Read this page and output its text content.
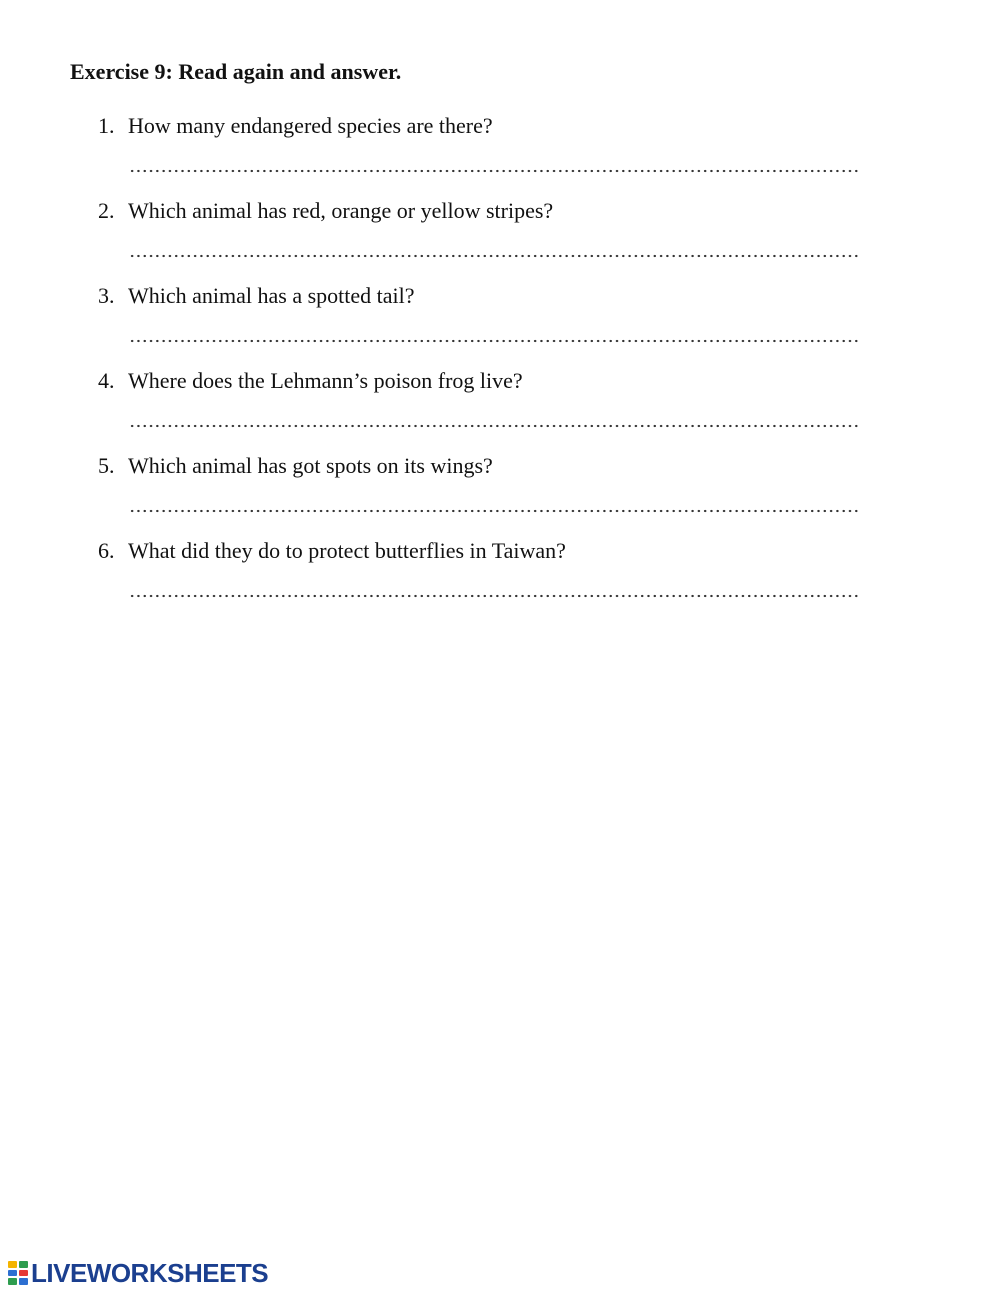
Exercise 9: Read again and answer.
1. How many endangered species are there?
2. Which animal has red, orange or yellow stripes?
3. Which animal has a spotted tail?
4. Where does the Lehmann’s poison frog live?
5. Which animal has got spots on its wings?
6. What did they do to protect butterflies in Taiwan?
LIVEWORKSHEETS
